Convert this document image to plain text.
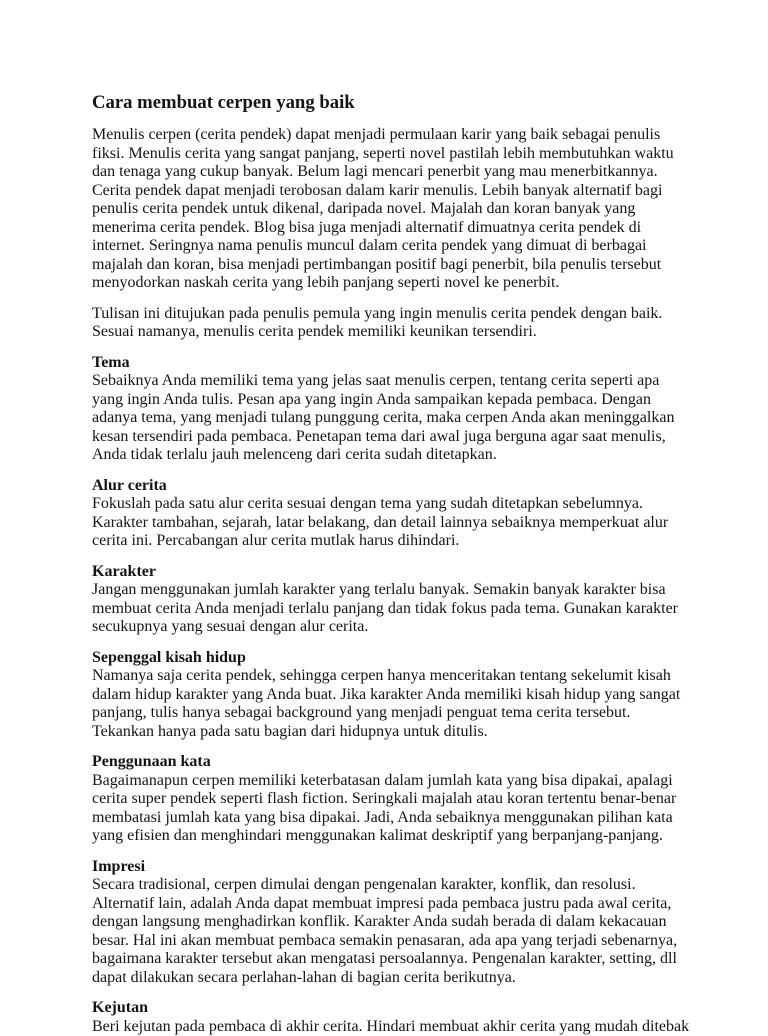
Cara membuat cerpen yang baik

Menulis cerpen (cerita pendek) dapat menjadi permulaan karir yang baik sebagai penulis fiksi. Menulis cerita yang sangat panjang, seperti novel pastilah lebih membutuhkan waktu dan tenaga yang cukup banyak. Belum lagi mencari penerbit yang mau menerbitkannya. Cerita pendek dapat menjadi terobosan dalam karir menulis. Lebih banyak alternatif bagi penulis cerita pendek untuk dikenal, daripada novel. Majalah dan koran banyak yang menerima cerita pendek. Blog bisa juga menjadi alternatif dimuatnya cerita pendek di internet. Seringnya nama penulis muncul dalam cerita pendek yang dimuat di berbagai majalah dan koran, bisa menjadi pertimbangan positif bagi penerbit, bila penulis tersebut menyodorkan naskah cerita yang lebih panjang seperti novel ke penerbit.

Tulisan ini ditujukan pada penulis pemula yang ingin menulis cerita pendek dengan baik. Sesuai namanya, menulis cerita pendek memiliki keunikan tersendiri.

Tema

Sebaiknya Anda memiliki tema yang jelas saat menulis cerpen, tentang cerita seperti apa yang ingin Anda tulis. Pesan apa yang ingin Anda sampaikan kepada pembaca. Dengan adanya tema, yang menjadi tulang punggung cerita, maka cerpen Anda akan meninggalkan kesan tersendiri pada pembaca. Penetapan tema dari awal juga berguna agar saat menulis, Anda tidak terlalu jauh melenceng dari cerita sudah ditetapkan.

Alur cerita

Fokuslah pada satu alur cerita sesuai dengan tema yang sudah ditetapkan sebelumnya. Karakter tambahan, sejarah, latar belakang, dan detail lainnya sebaiknya memperkuat alur cerita ini. Percabangan alur cerita mutlak harus dihindari.

Karakter

Jangan menggunakan jumlah karakter yang terlalu banyak. Semakin banyak karakter bisa membuat cerita Anda menjadi terlalu panjang dan tidak fokus pada tema. Gunakan karakter secukupnya yang sesuai dengan alur cerita.

Sepenggal kisah hidup

Namanya saja cerita pendek, sehingga cerpen hanya menceritakan tentang sekelumit kisah dalam hidup karakter yang Anda buat. Jika karakter Anda memiliki kisah hidup yang sangat panjang, tulis hanya sebagai background yang menjadi penguat tema cerita tersebut. Tekankan hanya pada satu bagian dari hidupnya untuk ditulis.

Penggunaan kata

Bagaimanapun cerpen memiliki keterbatasan dalam jumlah kata yang bisa dipakai, apalagi cerita super pendek seperti flash fiction. Seringkali majalah atau koran tertentu benar-benar membatasi jumlah kata yang bisa dipakai. Jadi, Anda sebaiknya menggunakan pilihan kata yang efisien dan menghindari menggunakan kalimat deskriptif yang berpanjang-panjang.

Impresi

Secara tradisional, cerpen dimulai dengan pengenalan karakter, konflik, dan resolusi. Alternatif lain, adalah Anda dapat membuat impresi pada pembaca justru pada awal cerita, dengan langsung menghadirkan konflik. Karakter Anda sudah berada di dalam kekacauan besar. Hal ini akan membuat pembaca semakin penasaran, ada apa yang terjadi sebenarnya, bagaimana karakter tersebut akan mengatasi persoalannya. Pengenalan karakter, setting, dll dapat dilakukan secara perlahan-lahan di bagian cerita berikutnya.

Kejutan

Beri kejutan pada pembaca di akhir cerita. Hindari membuat akhir cerita yang mudah ditebak
